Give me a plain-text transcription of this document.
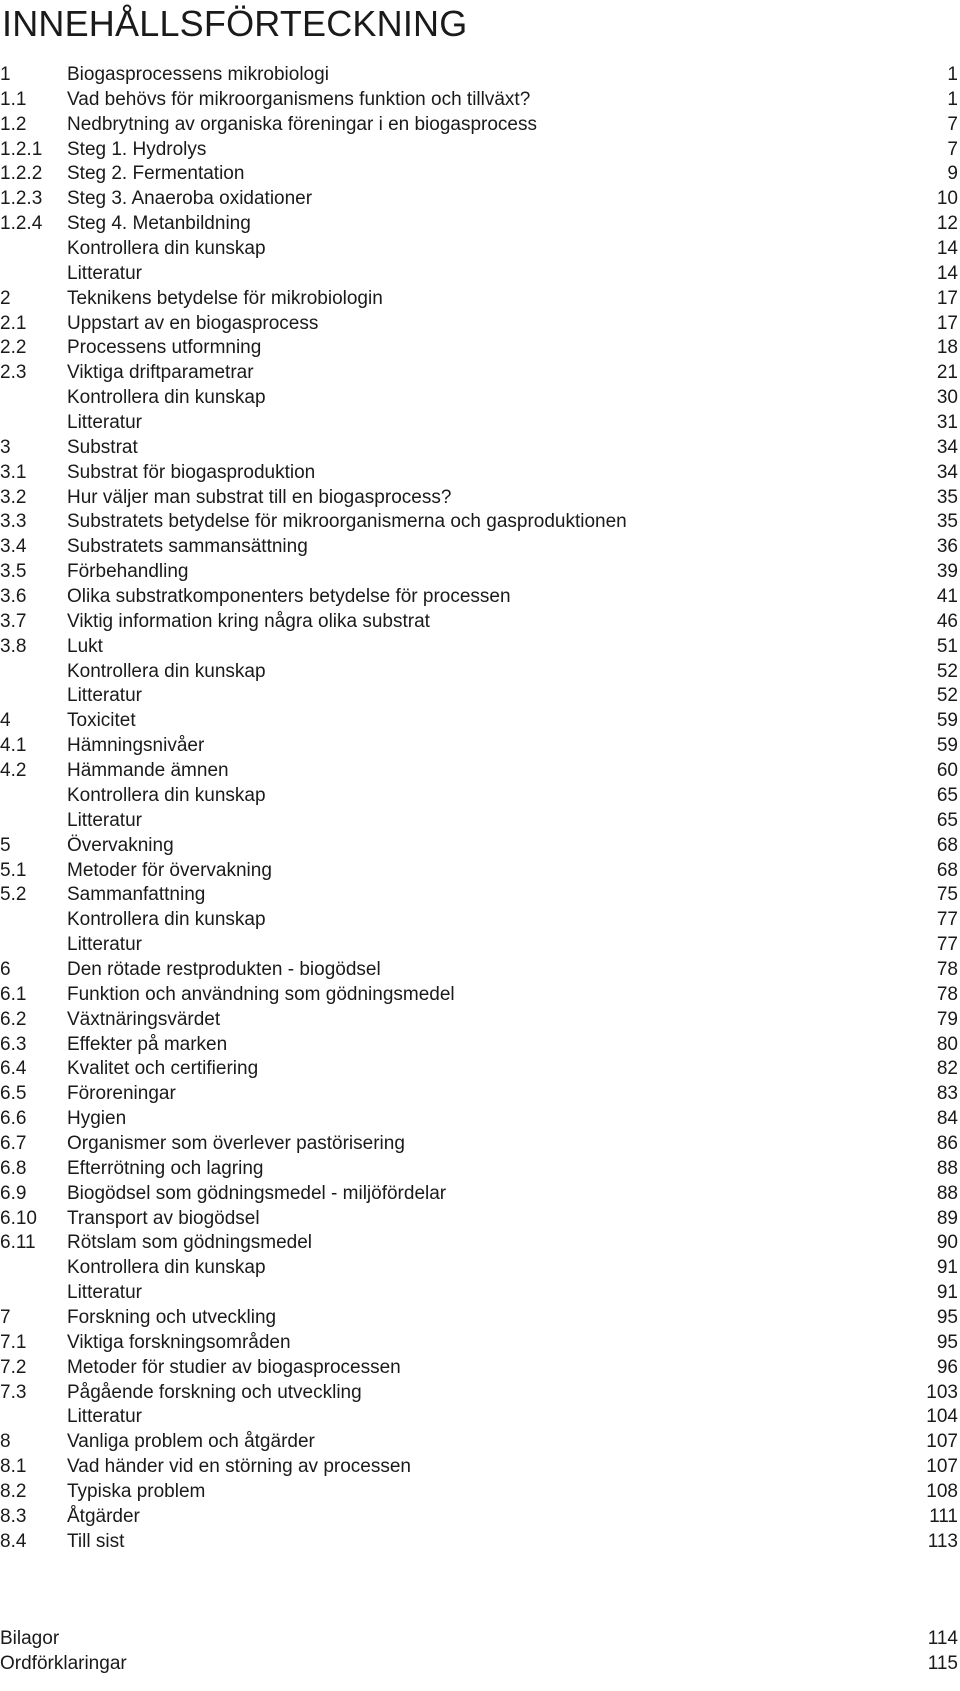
INNEHÅLLSFÖRTECKNING
1	Biogasprocessens mikrobiologi	1
1.1 Vad behövs för mikroorganismens funktion och tillväxt?	1
1.2 Nedbrytning av organiska föreningar i en biogasprocess	7
1.2.1 Steg 1. Hydrolys	7
1.2.2 Steg 2. Fermentation	9
1.2.3 Steg 3. Anaeroba oxidationer	10
1.2.4 Steg 4. Metanbildning	12
Kontrollera din kunskap	14
Litteratur	14
2	Teknikens betydelse för mikrobiologin	17
2.1 Uppstart av en biogasprocess	17
2.2 Processens utformning	18
2.3 Viktiga driftparametrar	21
Kontrollera din kunskap	30
Litteratur	31
3	Substrat	34
3.1 Substrat för biogasproduktion	34
3.2 Hur väljer man substrat till en biogasprocess?	35
3.3 Substratets betydelse för mikroorganismerna och gasproduktionen	35
3.4 Substratets sammansättning	36
3.5 Förbehandling	39
3.6 Olika substratkomponenters betydelse för processen	41
3.7 Viktig information kring några olika substrat	46
3.8 Lukt	51
Kontrollera din kunskap	52
Litteratur	52
4	Toxicitet	59
4.1 Hämningsnivåer	59
4.2 Hämmande ämnen	60
Kontrollera din kunskap	65
Litteratur	65
5	Övervakning	68
5.1 Metoder för övervakning	68
5.2 Sammanfattning	75
Kontrollera din kunskap	77
Litteratur	77
6	Den rötade restprodukten - biogödsel	78
6.1 Funktion och användning som gödningsmedel	78
6.2 Växtnäringsvärdet	79
6.3 Effekter på marken	80
6.4 Kvalitet och certifiering	82
6.5 Föroreningar	83
6.6 Hygien	84
6.7 Organismer som överlever pastörisering	86
6.8 Efterrötning och lagring	88
6.9 Biogödsel som gödningsmedel - miljöfördelar	88
6.10 Transport av biogödsel	89
6.11 Rötslam som gödningsmedel	90
Kontrollera din kunskap	91
Litteratur	91
7	Forskning och utveckling	95
7.1 Viktiga forskningsområden	95
7.2 Metoder för studier av biogasprocessen	96
7.3 Pågående forskning och utveckling	103
Litteratur	104
8	Vanliga problem och åtgärder	107
8.1 Vad händer vid en störning av processen	107
8.2 Typiska problem	108
8.3 Åtgärder	111
8.4 Till sist	113
Bilagor	114
Ordförklaringar	115
